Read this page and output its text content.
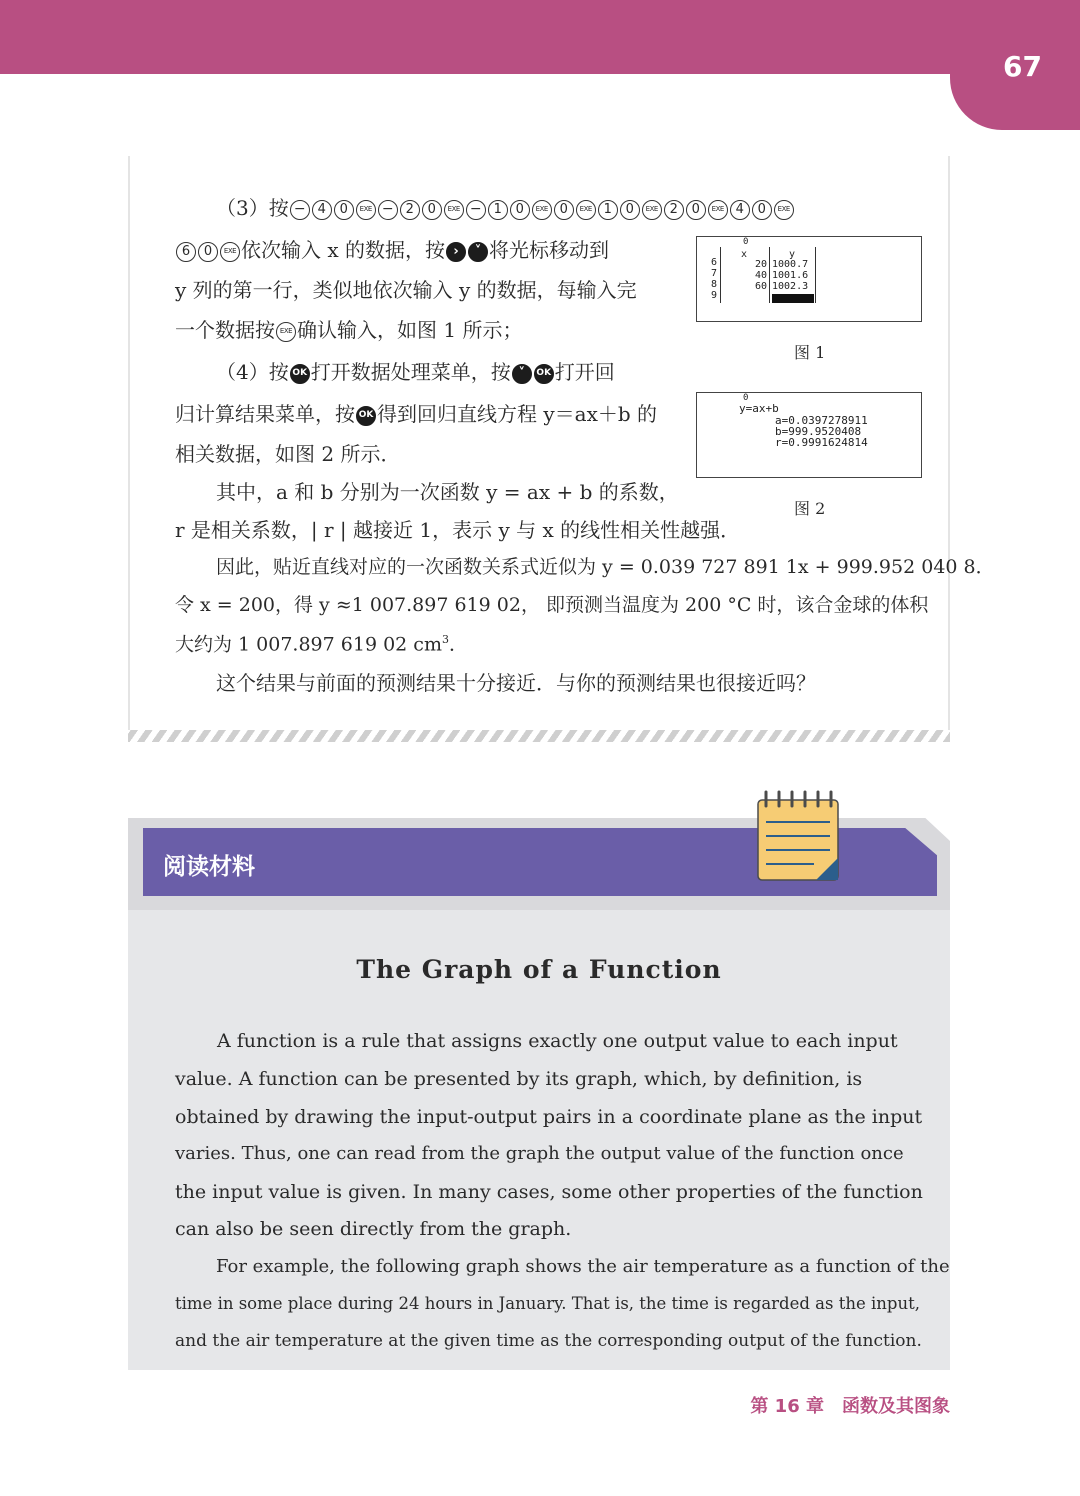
67
（3）按 − 4 0 EXE − 2 0 EXE − 1 0 EXE 0 EXE 1 0 EXE 2 0 EXE 4 0 EXE
6 0 EXE 依次输入 x 的数据，按 › ˅ 将光标移动到
y 列的第一行，类似地依次输入 y 的数据，每输入完
一个数据按 EXE 确认输入，如图 1 所示；
（4）按 OK 打开数据处理菜单，按 ˅ OK 打开回
归计算结果菜单，按 OK 得到回归直线方程 y＝ax＋b 的
相关数据，如图 2 所示．
0
x	y
6
7
8
9
20
40
60
1000.7
1001.6
1002.3
图 1
0
y=ax+b
a=0.0397278911
b=999.9520408
r=0.9991624814
图 2
其中，a 和 b 分别为一次函数 y = ax + b 的系数，
r 是相关系数，| r | 越接近 1，表示 y 与 x 的线性相关性越强．
因此，贴近直线对应的一次函数关系式近似为 y = 0.039 727 891 1x + 999.952 040 8．
令 x = 200，得 y ≈1 007.897 619 02， 即预测当温度为 200 °C 时，该合金球的体积
大约为 1 007.897 619 02 $cm^3$．
这个结果与前面的预测结果十分接近．与你的预测结果也很接近吗？
阅读材料
The Graph of a Function
A function is a rule that assigns exactly one output value to each input
value. A function can be presented by its graph, which, by definition, is
obtained by drawing the input-output pairs in a coordinate plane as the input
varies. Thus, one can read from the graph the output value of the function once
the input value is given. In many cases, some other properties of the function
can also be seen directly from the graph.
For example, the following graph shows the air temperature as a function of the
time in some place during 24 hours in January. That is, the time is regarded as the input,
and the air temperature at the given time as the corresponding output of the function.
第 16 章　函数及其图象
